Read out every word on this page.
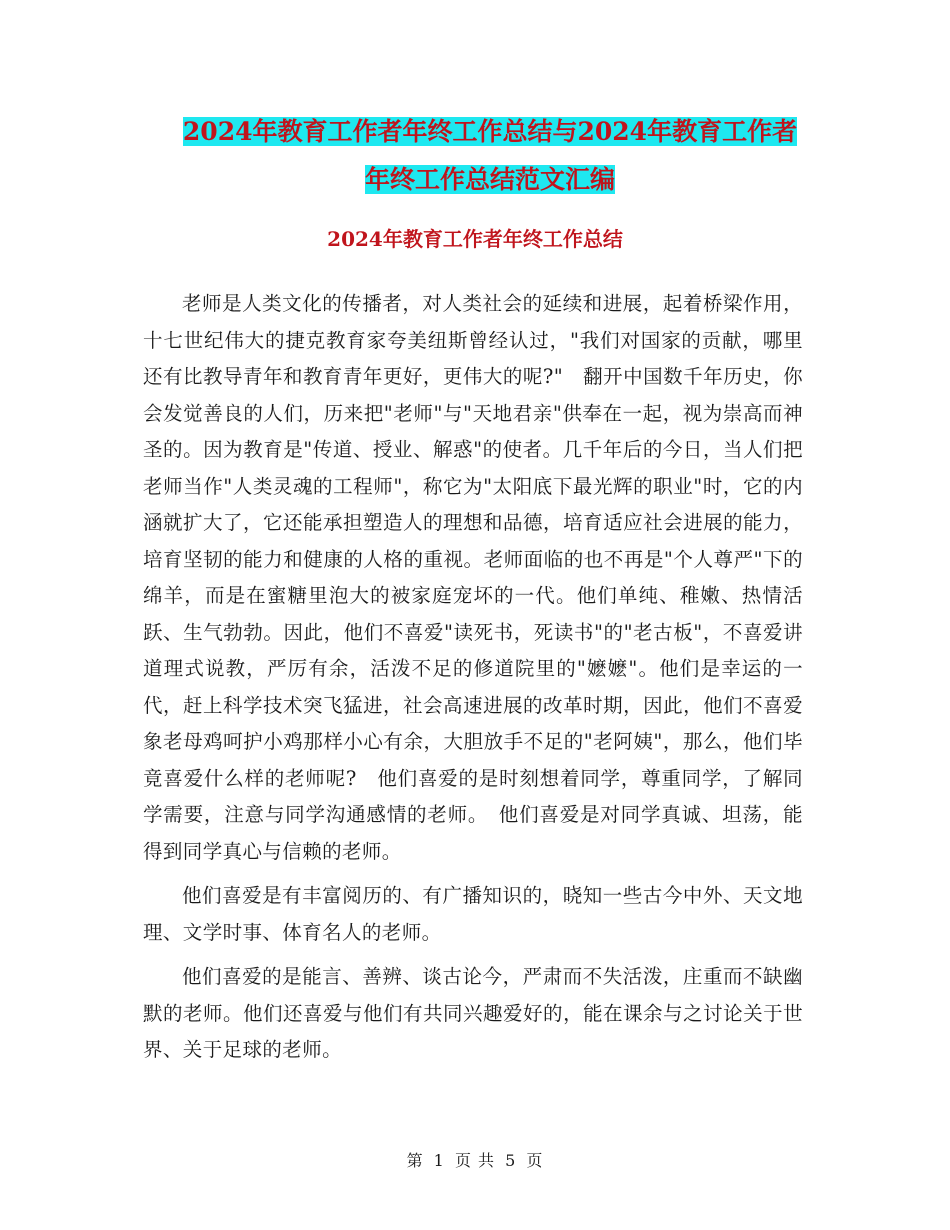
2024年教育工作者年终工作总结与2024年教育工作者
年终工作总结范文汇编
2024年教育工作者年终工作总结

老师是人类文化的传播者，对人类社会的延续和进展，起着桥梁作用，十七世纪伟大的捷克教育家夸美纽斯曾经认过，"我们对国家的贡献，哪里还有比教导青年和教育青年更好，更伟大的呢?"　翻开中国数千年历史，你会发觉善良的人们，历来把"老师"与"天地君亲"供奉在一起，视为崇高而神圣的。因为教育是"传道、授业、解惑"的使者。几千年后的今日，当人们把老师当作"人类灵魂的工程师"，称它为"太阳底下最光辉的职业"时，它的内涵就扩大了，它还能承担塑造人的理想和品德，培育适应社会进展的能力，培育坚韧的能力和健康的人格的重视。老师面临的也不再是"个人尊严"下的绵羊，而是在蜜糖里泡大的被家庭宠坏的一代。他们单纯、稚嫩、热情活跃、生气勃勃。因此，他们不喜爱"读死书，死读书"的"老古板"，不喜爱讲道理式说教，严厉有余，活泼不足的修道院里的"嬷嬷"。他们是幸运的一代，赶上科学技术突飞猛进，社会高速进展的改革时期，因此，他们不喜爱象老母鸡呵护小鸡那样小心有余，大胆放手不足的"老阿姨"，那么，他们毕竟喜爱什么样的老师呢?　他们喜爱的是时刻想着同学，尊重同学，了解同学需要，注意与同学沟通感情的老师。　他们喜爱是对同学真诚、坦荡，能得到同学真心与信赖的老师。

他们喜爱是有丰富阅历的、有广播知识的，晓知一些古今中外、天文地理、文学时事、体育名人的老师。

他们喜爱的是能言、善辨、谈古论今，严肃而不失活泼，庄重而不缺幽默的老师。他们还喜爱与他们有共同兴趣爱好的，能在课余与之讨论关于世界、关于足球的老师。

第 1 页 共 5 页
